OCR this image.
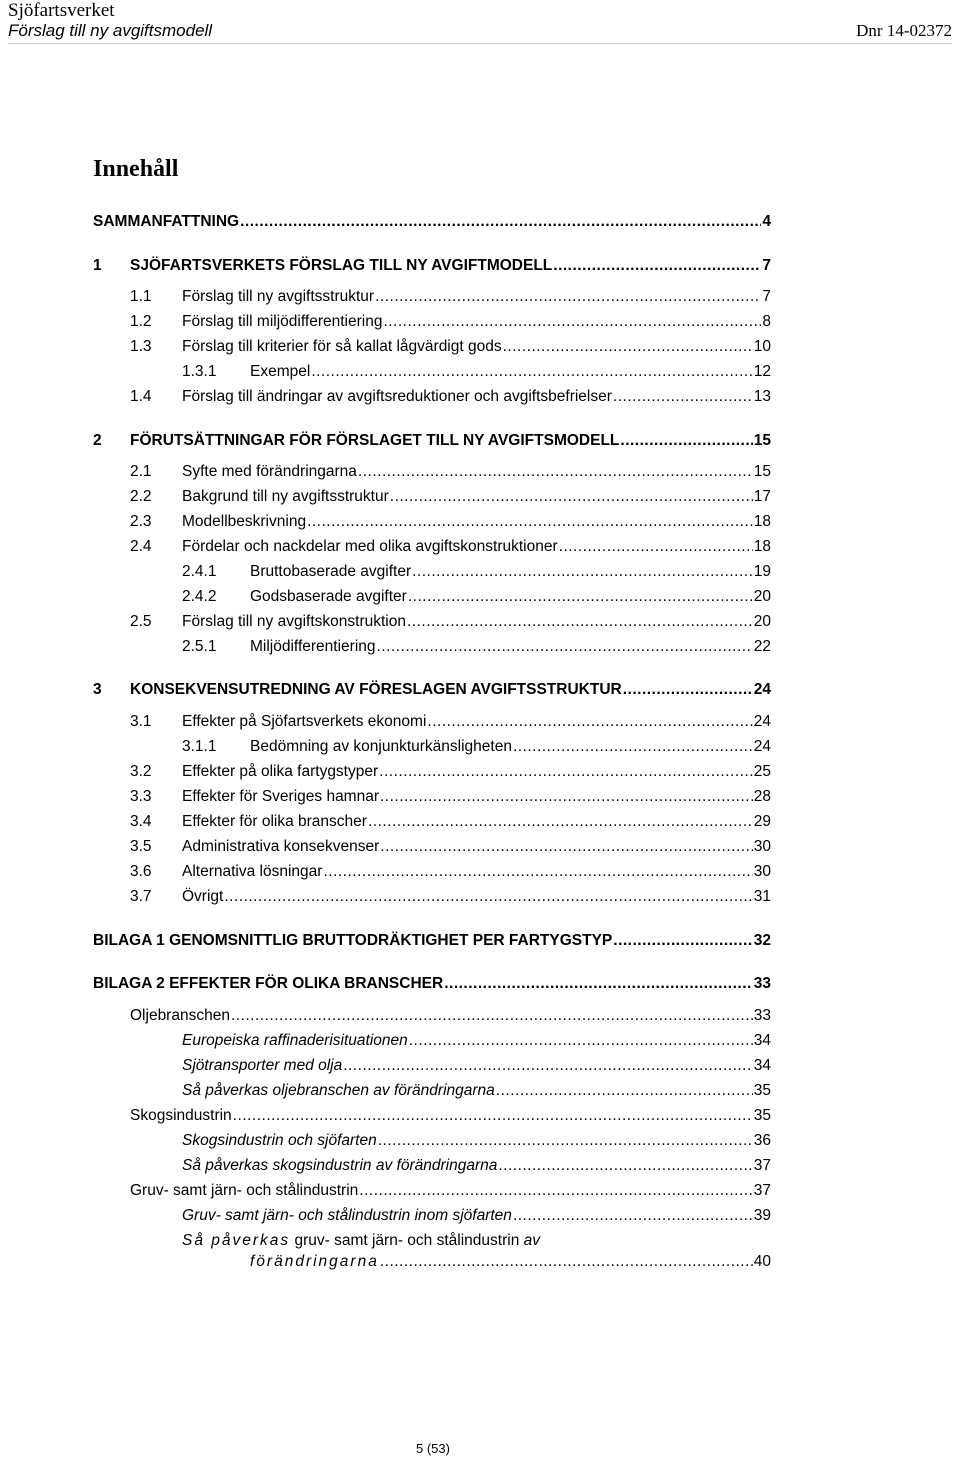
Sjöfartsverket
Förslag till ny avgiftsmodell	Dnr 14-02372
Innehåll
SAMMANFATTNING .....	4
1	SJÖFARTSVERKETS FÖRSLAG TILL NY AVGIFTMODELL .....	7
1.1	Förslag till ny avgiftsstruktur .....	7
1.2	Förslag till miljödifferentiering .....	8
1.3	Förslag till kriterier för så kallat lågvärdigt gods .....	10
1.3.1	Exempel .....	12
1.4	Förslag till ändringar av avgiftsreduktioner och avgiftsbefrielser .....	13
2	FÖRUTSÄTTNINGAR FÖR FÖRSLAGET TILL NY AVGIFTSMODELL .....	15
2.1	Syfte med förändringarna .....	15
2.2	Bakgrund till ny avgiftsstruktur .....	17
2.3	Modellbeskrivning .....	18
2.4	Fördelar och nackdelar med olika avgiftskonstruktioner .....	18
2.4.1	Bruttobaserade avgifter .....	19
2.4.2	Godsbaserade avgifter .....	20
2.5	Förslag till ny avgiftskonstruktion .....	20
2.5.1	Miljödifferentiering .....	22
3	KONSEKVENSUTREDNING AV FÖRESLAGEN AVGIFTSSTRUKTUR .....	24
3.1	Effekter på Sjöfartsverkets ekonomi .....	24
3.1.1	Bedömning av konjunkturkänsligheten .....	24
3.2	Effekter på olika fartygstyper .....	25
3.3	Effekter för Sveriges hamnar .....	28
3.4	Effekter för olika branscher .....	29
3.5	Administrativa konsekvenser .....	30
3.6	Alternativa lösningar .....	30
3.7	Övrigt .....	31
BILAGA 1 GENOMSNITTLIG BRUTTODRÄKTIGHET PER FARTYGSTYP .....	32
BILAGA 2 EFFEKTER FÖR OLIKA BRANSCHER .....	33
Oljebranschen .....	33
Europeiska raffinaderisituationen .....	34
Sjötransporter med olja .....	34
Så påverkas oljebranschen av förändringarna .....	35
Skogsindustrin .....	35
Skogsindustrin och sjöfarten .....	36
Så påverkas skogsindustrin av förändringarna .....	37
Gruv- samt järn- och stålindustrin .....	37
Gruv- samt järn- och stålindustrin inom sjöfarten .....	39
Så påverkas gruv- samt järn- och stålindustrin av
förändringarna .....	40
5 (53)
